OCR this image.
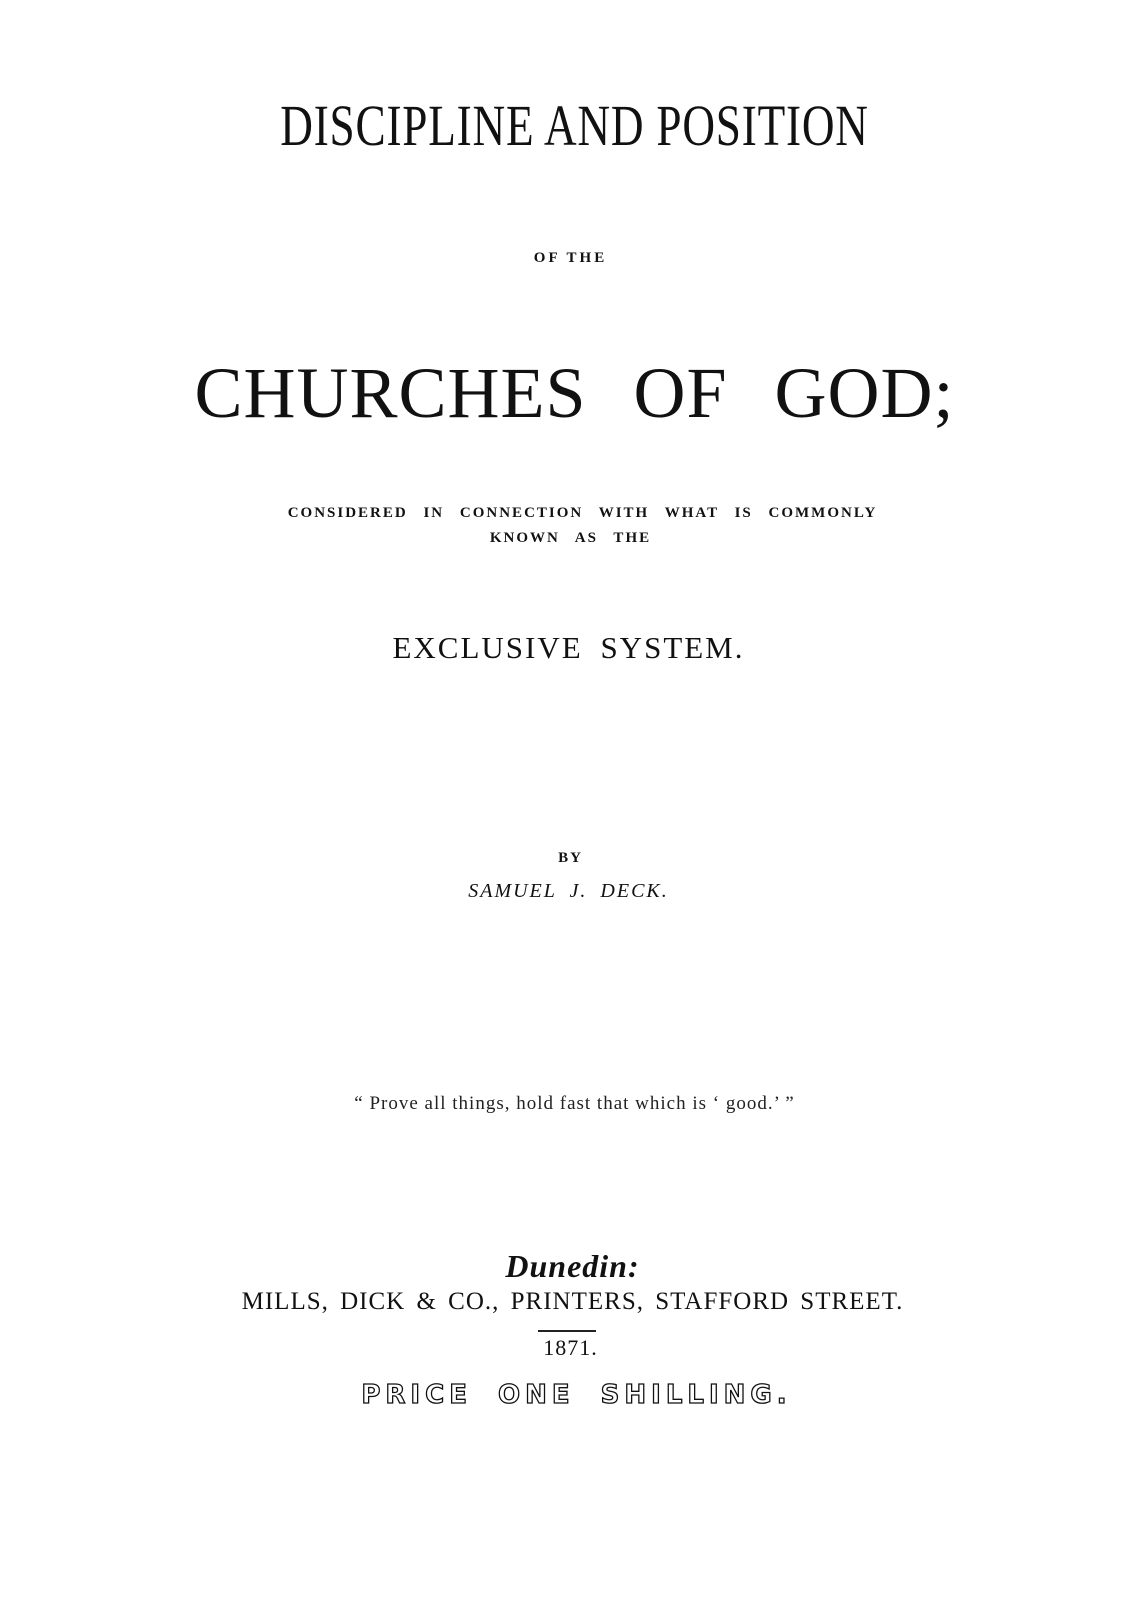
DISCIPLINE AND POSITION
OF THE
CHURCHES OF GOD;
CONSIDERED IN CONNECTION WITH WHAT IS COMMONLY
KNOWN AS THE
EXCLUSIVE SYSTEM.
BY
SAMUEL J. DECK.
“ Prove all things, hold fast that which is ‘ good.’ ”
Dunedin:
MILLS, DICK & CO., PRINTERS, STAFFORD STREET.
1871.
PRICE ONE SHILLING.
